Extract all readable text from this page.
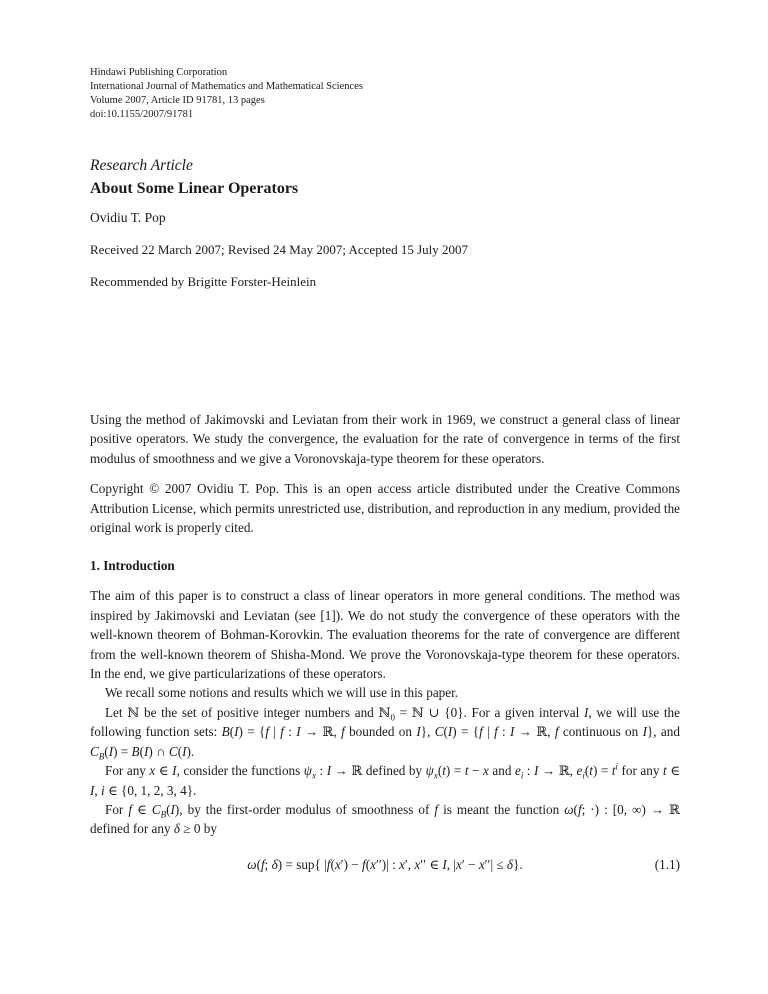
Hindawi Publishing Corporation
International Journal of Mathematics and Mathematical Sciences
Volume 2007, Article ID 91781, 13 pages
doi:10.1155/2007/91781
Research Article
About Some Linear Operators
Ovidiu T. Pop
Received 22 March 2007; Revised 24 May 2007; Accepted 15 July 2007
Recommended by Brigitte Forster-Heinlein

Using the method of Jakimovski and Leviatan from their work in 1969, we construct a general class of linear positive operators. We study the convergence, the evaluation for the rate of convergence in terms of the first modulus of smoothness and we give a Voronovskaja-type theorem for these operators.

Copyright © 2007 Ovidiu T. Pop. This is an open access article distributed under the Creative Commons Attribution License, which permits unrestricted use, distribution, and reproduction in any medium, provided the original work is properly cited.

1. Introduction

The aim of this paper is to construct a class of linear operators in more general conditions. The method was inspired by Jakimovski and Leviatan (see [1]). We do not study the convergence of these operators with the well-known theorem of Bohman-Korovkin. The evaluation theorems for the rate of convergence are different from the well-known theorem of Shisha-Mond. We prove the Voronovskaja-type theorem for these operators. In the end, we give particularizations of these operators.

We recall some notions and results which we will use in this paper.

Let ℕ be the set of positive integer numbers and ℕ$_0$ = ℕ ∪ {0}. For a given interval I, we will use the following function sets: B(I) = {f | f : I → ℝ, f bounded on I}, C(I) = {f | f : I → ℝ, f continuous on I}, and $C_B(I) = B(I)$ ∩ C(I).

For any x ∈ I, consider the functions $\psi_x$ : I → ℝ defined by $\psi_x(t) = t - x$ and $e_i$ : I → ℝ, $e_i(t) = t^i$ for any t ∈ I, i ∈ {0, 1, 2, 3, 4}.

For f ∈ $C_B(I)$, by the first-order modulus of smoothness of f is meant the function ω(f; ·) : [0, ∞) → ℝ defined for any δ ≥ 0 by

ω(f; δ) = sup{ |f(x′) − f(x′′)| : x′, x′′ ∈ I, |x′ − x′′| ≤ δ}.	(1.1)
